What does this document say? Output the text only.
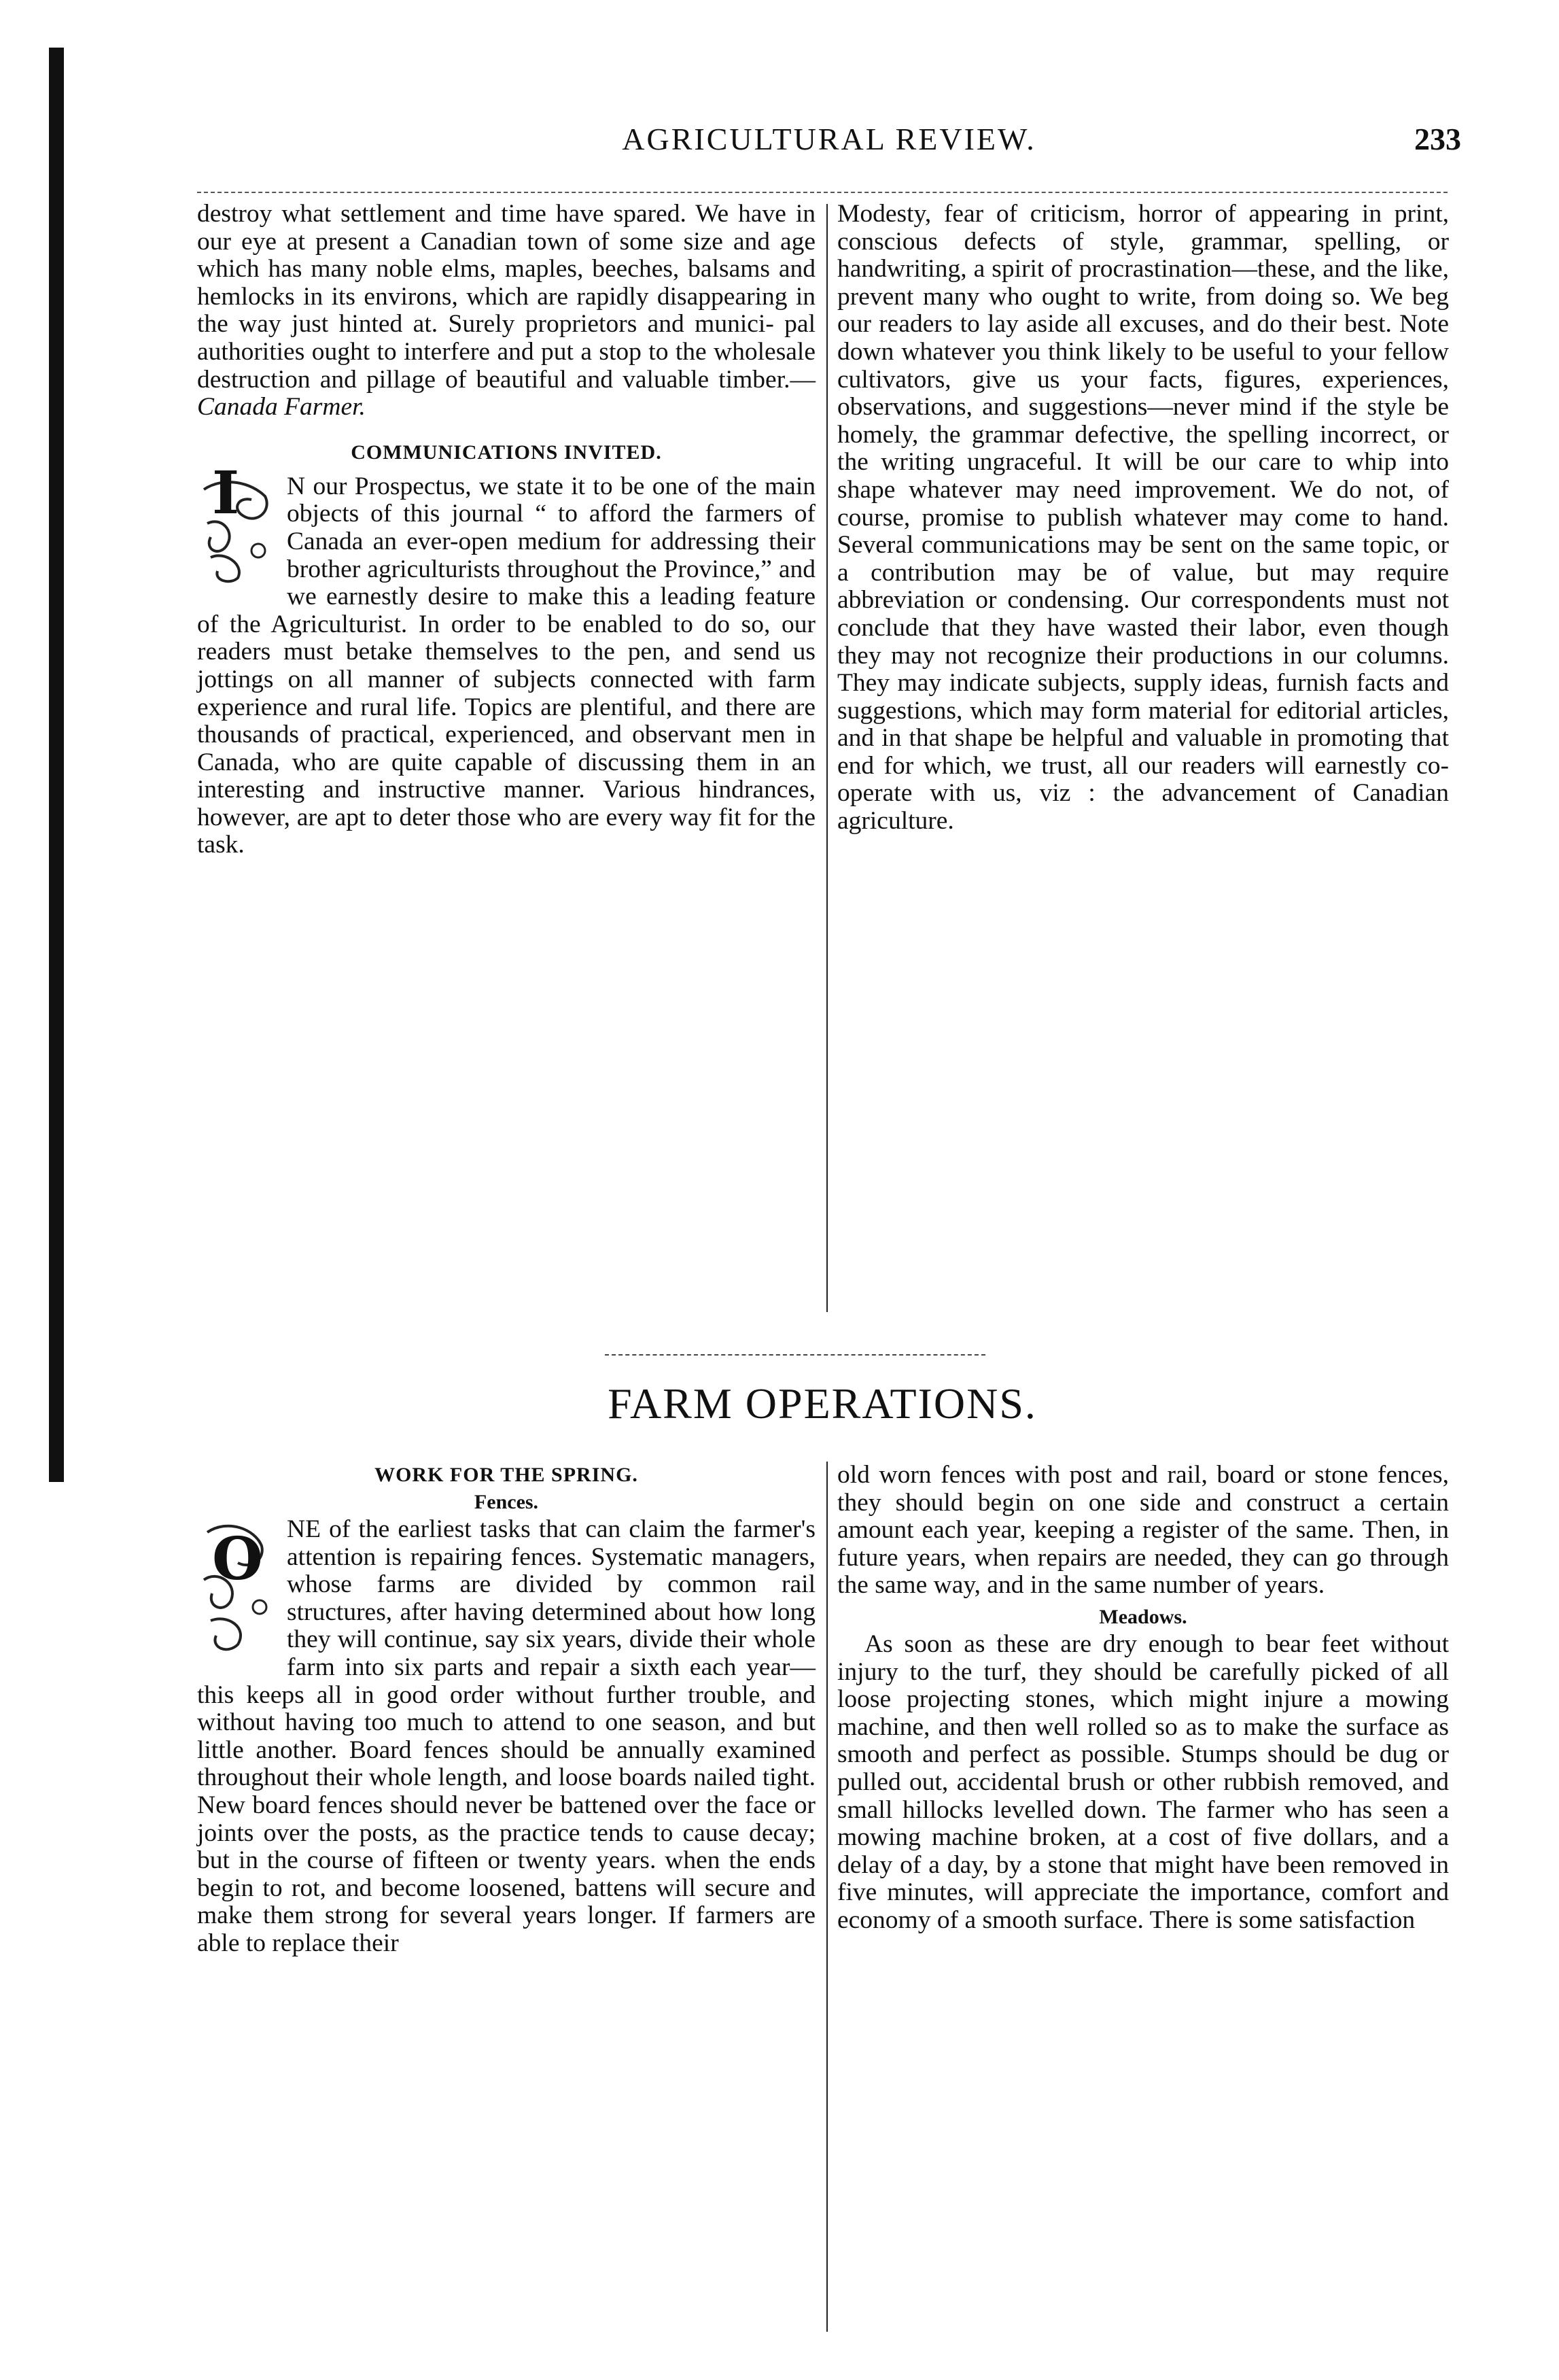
AGRICULTURAL REVIEW.	233

destroy what settlement and time have spared. We have in our eye at present a Canadian town of some size and age which has many noble elms, maples, beeches, balsams and hemlocks in its environs, which are rapidly disappearing in the way just hinted at. Surely proprietors and munici- pal authorities ought to interfere and put a stop to the wholesale destruction and pillage of beautiful and valuable timber.—Canada Farmer.

COMMUNICATIONS INVITED.
I	N our Prospectus, we state it to be one of the main objects of this journal “ to afford the farmers of Canada an ever-open medium for addressing their brother agriculturists throughout the Province,” and we earnestly desire to make this a leading feature of the Agriculturist. In order to be enabled to do so, our readers must betake themselves to the pen, and send us jottings on all manner of subjects connected with farm experience and rural life. Topics are plentiful, and there are thousands of practical, experienced, and observant men in Canada, who are quite capable of discussing them in an interesting and instructive manner. Various hindrances, however, are apt to deter those who are every way fit for the task.

Modesty, fear of criticism, horror of appearing in print, conscious defects of style, grammar, spelling, or handwriting, a spirit of procrastination—these, and the like, prevent many who ought to write, from doing so. We beg our readers to lay aside all excuses, and do their best. Note down whatever you think likely to be useful to your fellow cultivators, give us your facts, figures, experiences, observations, and suggestions—never mind if the style be homely, the grammar defective, the spelling incorrect, or the writing ungraceful. It will be our care to whip into shape whatever may need improvement. We do not, of course, promise to publish whatever may come to hand. Several communications may be sent on the same topic, or a contribution may be of value, but may require abbreviation or condensing. Our correspondents must not conclude that they have wasted their labor, even though they may not recognize their productions in our columns. They may indicate subjects, supply ideas, furnish facts and suggestions, which may form material for editorial articles, and in that shape be helpful and valuable in promoting that end for which, we trust, all our readers will earnestly co-operate with us, viz : the advancement of Canadian agriculture.

FARM OPERATIONS.
WORK FOR THE SPRING.
Fences.
O NE of the earliest tasks that can claim the farmer's attention is repairing fences. Systematic managers, whose farms are divided by common rail structures, after having determined about how long they will continue, say six years, divide their whole farm into six parts and repair a sixth each year—this keeps all in good order without further trouble, and without having too much to attend to one season, and but little another. Board fences should be annually examined throughout their whole length, and loose boards nailed tight. New board fences should never be battened over the face or joints over the posts, as the practice tends to cause decay; but in the course of fifteen or twenty years. when the ends begin to rot, and become loosened, battens will secure and make them strong for several years longer. If farmers are able to replace their

old worn fences with post and rail, board or stone fences, they should begin on one side and construct a certain amount each year, keeping a register of the same. Then, in future years, when repairs are needed, they can go through the same way, and in the same number of years.

Meadows.

As soon as these are dry enough to bear feet without injury to the turf, they should be carefully picked of all loose projecting stones, which might injure a mowing machine, and then well rolled so as to make the surface as smooth and perfect as possible. Stumps should be dug or pulled out, accidental brush or other rubbish removed, and small hillocks levelled down. The farmer who has seen a mowing machine broken, at a cost of five dollars, and a delay of a day, by a stone that might have been removed in five minutes, will appreciate the importance, comfort and economy of a smooth surface. There is some satisfaction
